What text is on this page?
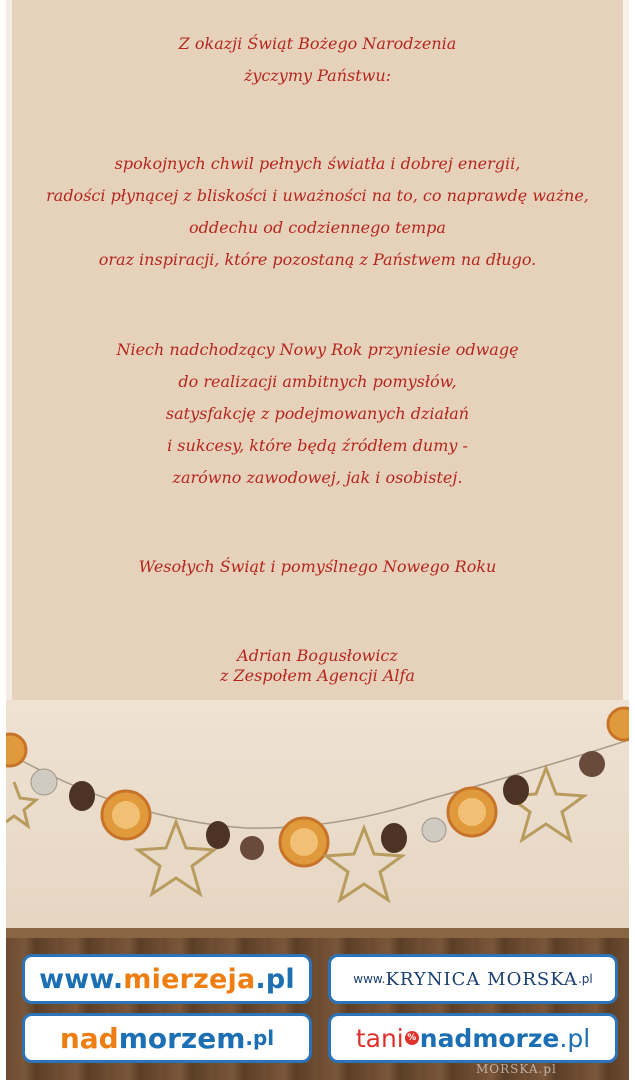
Z okazji Świąt Bożego Narodzenia

życzymy Państwu:

spokojnych chwil pełnych światła i dobrej energii,

radości płynącej z bliskości i uważności na to, co naprawdę ważne,

oddechu od codziennego tempa

oraz inspiracji, które pozostaną z Państwem na długo.

Niech nadchodzący Nowy Rok przyniesie odwagę

do realizacji ambitnych pomysłów,

satysfakcję z podejmowanych działań

i sukcesy, które będą źródłem dumy -

zarówno zawodowej, jak i osobistej.

Wesołych Świąt i pomyślnego Nowego Roku

Adrian Bogusłowicz

z Zespołem Agencji Alfa

www. mierzeja .pl	www. KRYNICA MORSKA .pl
nad morzem .pl	tani % nadmorze .pl
www.KRYNICA MORSKA.pl
